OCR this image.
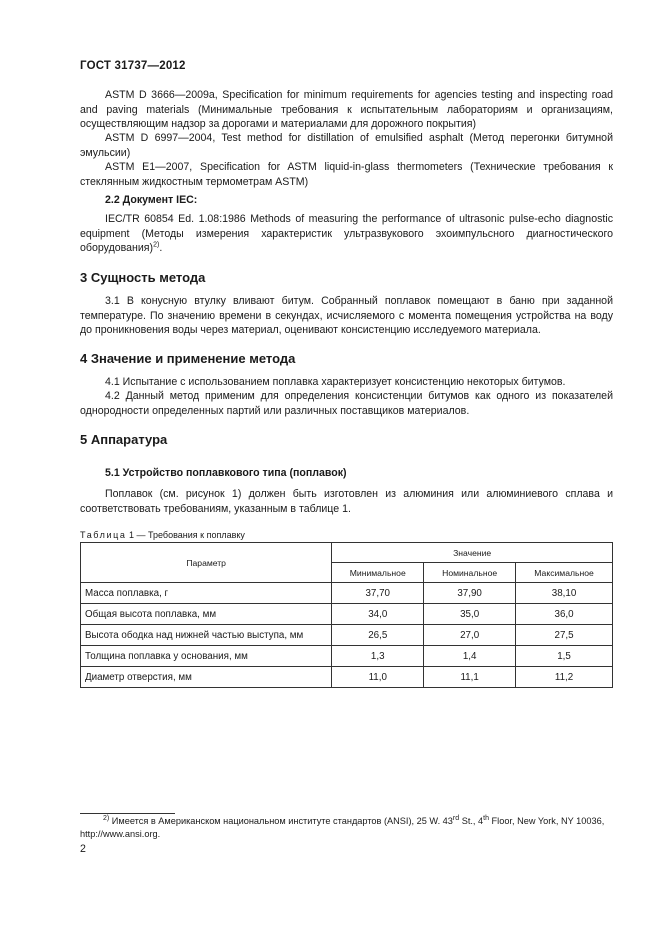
ГОСТ 31737—2012

ASTM D 3666—2009а, Specification for minimum requirements for agencies testing and inspecting road and paving materials (Минимальные требования к испытательным лабораториям и организациям, осуществляющим надзор за дорогами и материалами для дорожного покрытия)

ASTM D 6997—2004, Test method for distillation of emulsified asphalt (Метод перегонки битумной эмульсии)

ASTM E1—2007, Specification for ASTM liquid-in-glass thermometers (Технические требования к стеклянным жидкостным термометрам ASTM)

2.2 Документ IEC:

IEC/TR 60854 Ed. 1.08:1986 Methods of measuring the performance of ultrasonic pulse-echo diagnostic equipment (Методы измерения характеристик ультразвукового эхоимпульсного диагностического оборудования)$^{2)}$.

3 Сущность метода

3.1 В конусную втулку вливают битум. Собранный поплавок помещают в баню при заданной температуре. По значению времени в секундах, исчисляемого с момента помещения устройства на воду до проникновения воды через материал, оценивают консистенцию исследуемого материала.

4 Значение и применение метода

4.1 Испытание с использованием поплавка характеризует консистенцию некоторых битумов.

4.2 Данный метод применим для определения консистенции битумов как одного из показателей однородности определенных партий или различных поставщиков материалов.

5 Аппаратура
5.1 Устройство поплавкового типа (поплавок)

Поплавок (см. рисунок 1) должен быть изготовлен из алюминия или алюминиевого сплава и соответствовать требованиям, указанным в таблице 1.

Таблица 1 — Требования к поплавку
Параметр	Значение		
	Минимальное	Номинальное	Максимальное
Масса поплавка, г	37,70	37,90	38,10
Общая высота поплавка, мм	34,0	35,0	36,0
Высота ободка над нижней частью выступа, мм	26,5	27,0	27,5
Толщина поплавка у основания, мм	1,3	1,4	1,5
Диаметр отверстия, мм	11,0	11,1	11,2

$^{2)}$ Имеется в Американском национальном институте стандартов (ANSI), 25 W. 43rd St., 4th Floor, New York, NY 10036, http://www.ansi.org.

2
